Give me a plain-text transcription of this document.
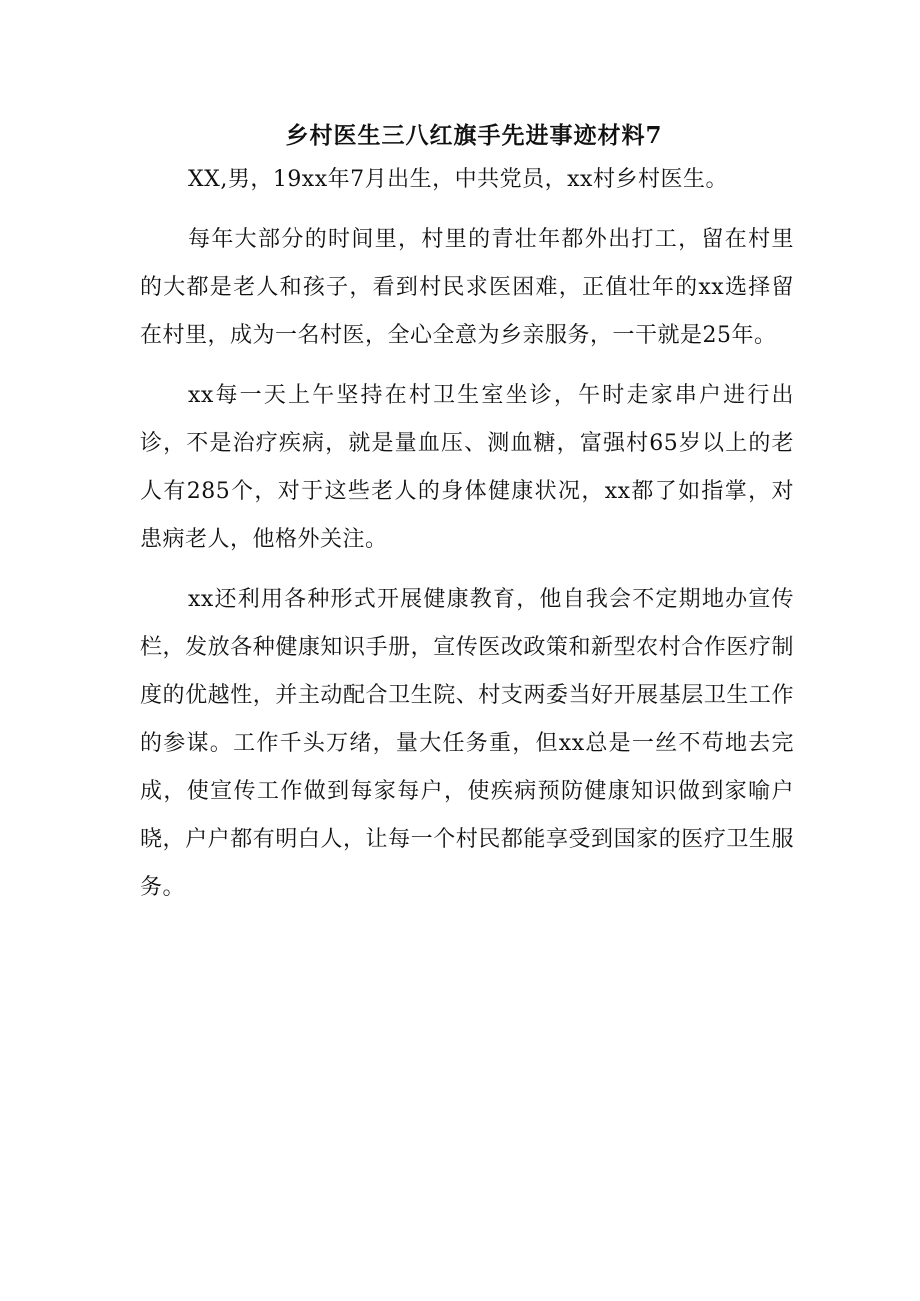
乡村医生三八红旗手先进事迹材料7

XX,男，19xx年7月出生，中共党员，xx村乡村医生。

每年大部分的时间里，村里的青壮年都外出打工，留在村里的大都是老人和孩子，看到村民求医困难，正值壮年的xx选择留在村里，成为一名村医，全心全意为乡亲服务，一干就是25年。

xx每一天上午坚持在村卫生室坐诊，午时走家串户进行出诊，不是治疗疾病，就是量血压、测血糖，富强村65岁以上的老人有285个，对于这些老人的身体健康状况，xx都了如指掌，对患病老人，他格外关注。

xx还利用各种形式开展健康教育，他自我会不定期地办宣传栏，发放各种健康知识手册，宣传医改政策和新型农村合作医疗制度的优越性，并主动配合卫生院、村支两委当好开展基层卫生工作的参谋。工作千头万绪，量大任务重，但xx总是一丝不苟地去完成，使宣传工作做到每家每户，使疾病预防健康知识做到家喻户晓，户户都有明白人，让每一个村民都能享受到国家的医疗卫生服务。
